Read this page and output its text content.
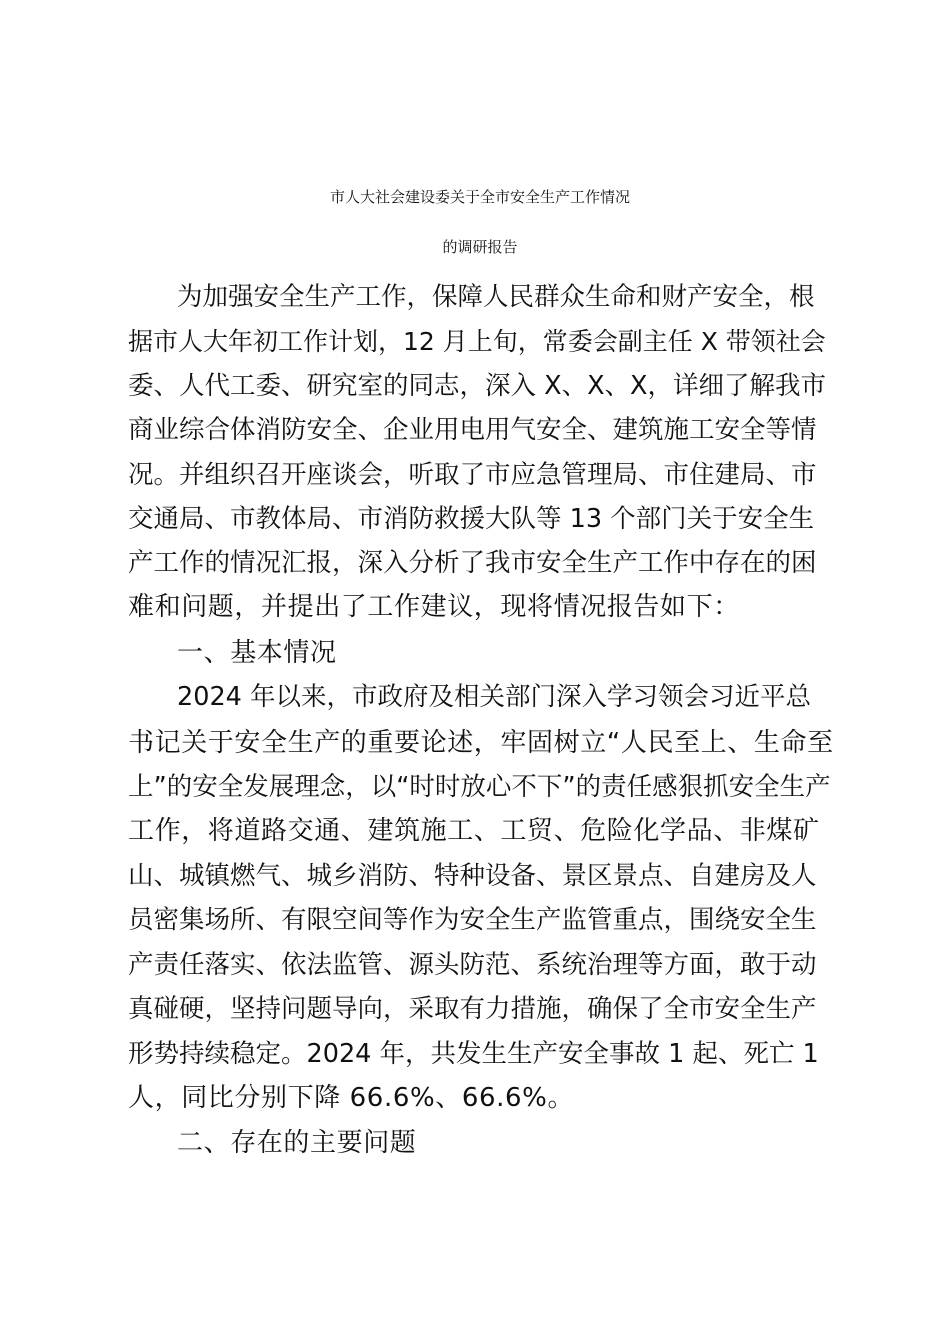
市人大社会建设委关于全市安全生产工作情况
的调研报告
为加强安全生产工作，保障人民群众生命和财产安全，根
据市人大年初工作计划，12 月上旬，常委会副主任 X 带领社会
委、人代工委、研究室的同志，深入 X、X、X，详细了解我市
商业综合体消防安全、企业用电用气安全、建筑施工安全等情
况。并组织召开座谈会，听取了市应急管理局、市住建局、市
交通局、市教体局、市消防救援大队等 13 个部门关于安全生
产工作的情况汇报，深入分析了我市安全生产工作中存在的困
难和问题，并提出了工作建议，现将情况报告如下：
一、基本情况
2024 年以来，市政府及相关部门深入学习领会习近平总
书记关于安全生产的重要论述，牢固树立“人民至上、生命至
上”的安全发展理念，以“时时放心不下”的责任感狠抓安全生产
工作，将道路交通、建筑施工、工贸、危险化学品、非煤矿
山、城镇燃气、城乡消防、特种设备、景区景点、自建房及人
员密集场所、有限空间等作为安全生产监管重点，围绕安全生
产责任落实、依法监管、源头防范、系统治理等方面，敢于动
真碰硬，坚持问题导向，采取有力措施，确保了全市安全生产
形势持续稳定。2024 年，共发生生产安全事故 1 起、死亡 1
人，同比分别下降 66.6%、66.6%。
二、存在的主要问题
